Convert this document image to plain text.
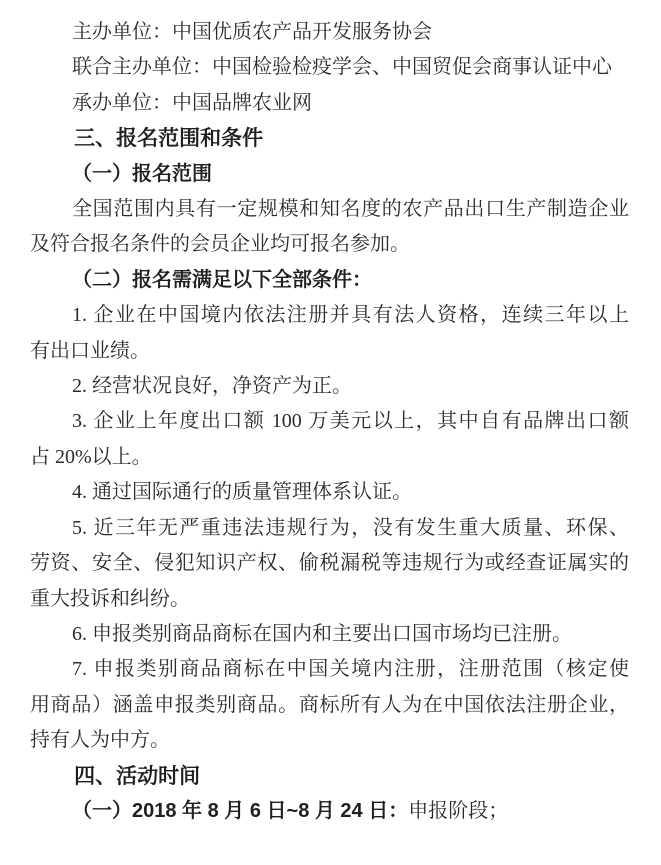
主办单位：中国优质农产品开发服务协会

联合主办单位：中国检验检疫学会、中国贸促会商事认证中心

承办单位：中国品牌农业网

三、报名范围和条件

（一）报名范围

全国范围内具有一定规模和知名度的农产品出口生产制造企业

及符合报名条件的会员企业均可报名参加。

（二）报名需满足以下全部条件：

1. 企业在中国境内依法注册并具有法人资格，连续三年以上

有出口业绩。

2. 经营状况良好，净资产为正。

3. 企业上年度出口额 100 万美元以上，其中自有品牌出口额

占 20%以上。

4. 通过国际通行的质量管理体系认证。

5. 近三年无严重违法违规行为，没有发生重大质量、环保、

劳资、安全、侵犯知识产权、偷税漏税等违规行为或经查证属实的

重大投诉和纠纷。

6. 申报类别商品商标在国内和主要出口国市场均已注册。

7. 申报类别商品商标在中国关境内注册，注册范围（核定使

用商品）涵盖申报类别商品。商标所有人为在中国依法注册企业，

持有人为中方。

四、活动时间

（一）2018 年 8 月 6 日~8 月 24 日：申报阶段；
